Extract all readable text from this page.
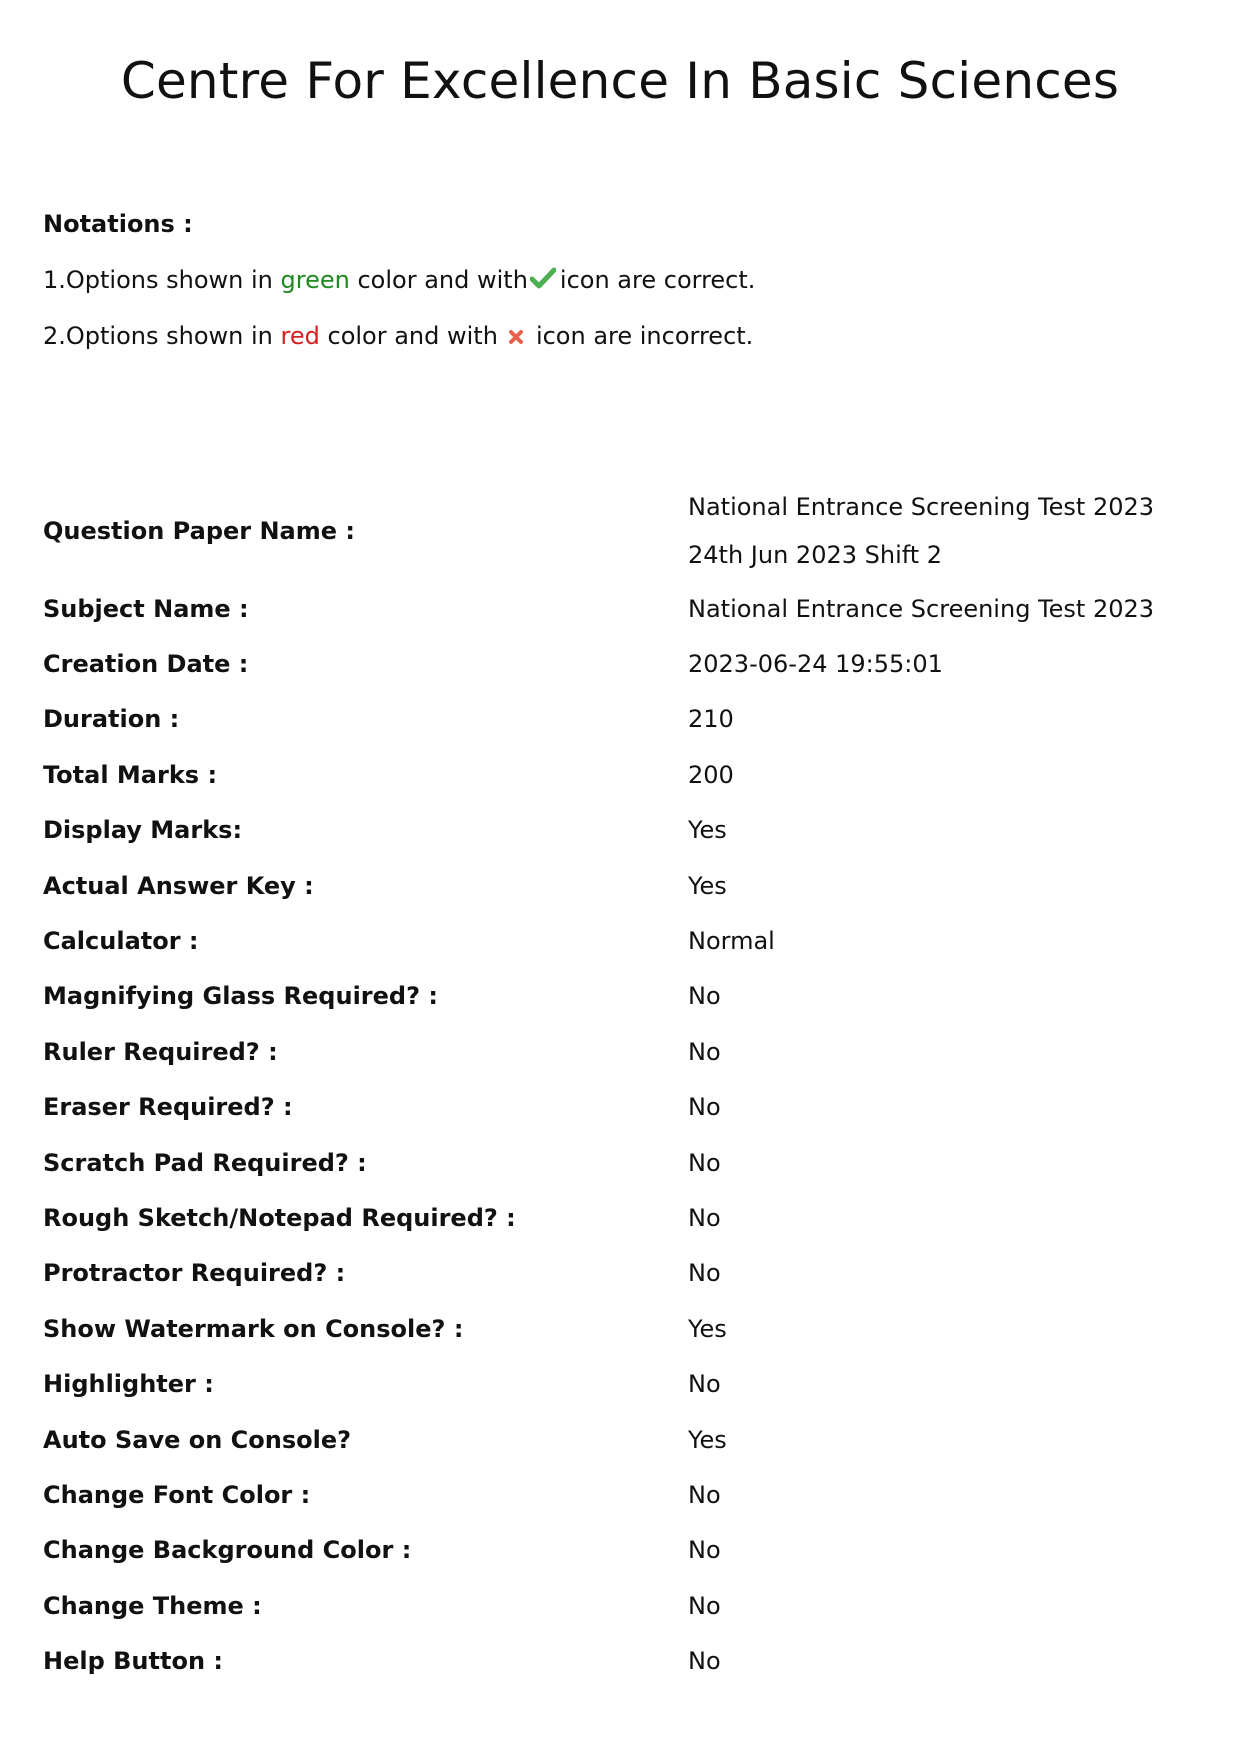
Centre For Excellence In Basic Sciences
Notations :
1.Options shown in green color and with icon are correct.
2.Options shown in red color and with icon are incorrect.
Question Paper Name :	National Entrance Screening Test 2023 24th Jun 2023 Shift 2
Subject Name :	National Entrance Screening Test 2023
Creation Date :	2023-06-24 19:55:01
Duration :	210
Total Marks :	200
Display Marks:	Yes
Actual Answer Key :	Yes
Calculator :	Normal
Magnifying Glass Required? :	No
Ruler Required? :	No
Eraser Required? :	No
Scratch Pad Required? :	No
Rough Sketch/Notepad Required? :	No
Protractor Required? :	No
Show Watermark on Console? :	Yes
Highlighter :	No
Auto Save on Console?	Yes
Change Font Color :	No
Change Background Color :	No
Change Theme :	No
Help Button :	No
